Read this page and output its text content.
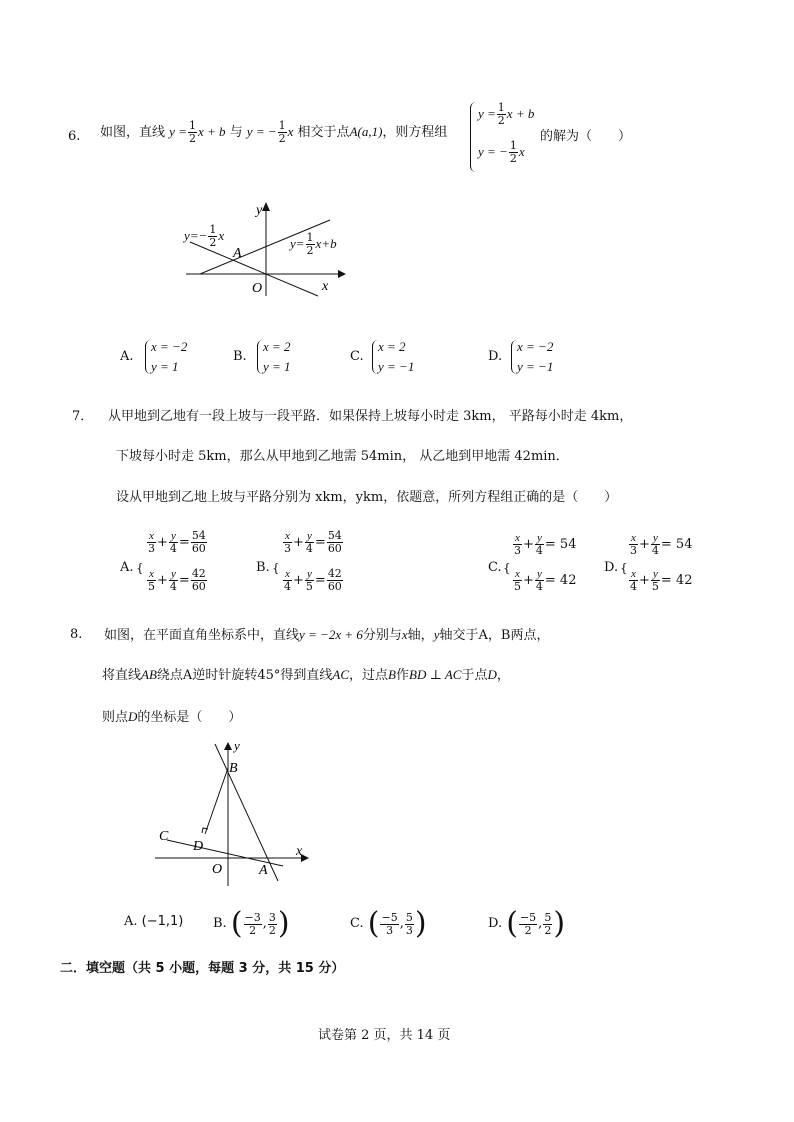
6. 如图，直线 $y = \frac{1}{2}$ x + b 与 y = − $\frac{1}{2}$ x 相交于点A(a,1)，则方程组
$y = \frac{1}{2}$ x + b
y = − $\frac{1}{2}$ x
的解为（　　）
y
x
O
A
$y=- \frac{1}{2}$ x
$y= \frac{1}{2} x+b$
A.
x = −2
y = 1
B.
x = 2
y = 1
C.
x = 2
y = −1
D.
x = −2
y = −1
7． 从甲地到乙地有一段上坡与一段平路．如果保持上坡每小时走 3km， 平路每小时走 4km，
下坡每小时走 5km，那么从甲地到乙地需 54min， 从乙地到甲地需 42min．
设从甲地到乙地上坡与平路分别为 xkm，ykm，依题意，所列方程组正确的是（　　）
A. {
$\frac{x}{3} + \frac{y}{4} = \frac{54}{60}$
$\frac{x}{5} + \frac{y}{4} = \frac{42}{60}$
B. {
$\frac{x}{3} + \frac{y}{4} = \frac{54}{60}$
$\frac{x}{4} + \frac{y}{5} = \frac{42}{60}$
C. {
$\frac{x}{3} + \frac{y}{4} = 54$
$\frac{x}{5} + \frac{y}{4} = 42$
D. {
$\frac{x}{3} + \frac{y}{4} = 54$
$\frac{x}{4} + \frac{y}{5} = 42$
8. 如图，在平面直角坐标系中，直线y = −2x + 6分别与x轴，y轴交于A，B两点，
将直线AB绕点A逆时针旋转45°得到直线AC，过点B作BD ⊥ AC于点D，
则点D的坐标是（　　）
y
x
O	A
B
C
D
A. (−1,1) B. ( $\frac{-3}{2}$ , $\frac{3}{2}$ )	C. ( $\frac{-5}{3}$ , $\frac{5}{3}$ )	D. ( $\frac{-5}{2}$ , $\frac{5}{2}$ )
二．填空题（共 5 小题，每题 3 分，共 15 分）
试卷第 2 页，共 14 页
